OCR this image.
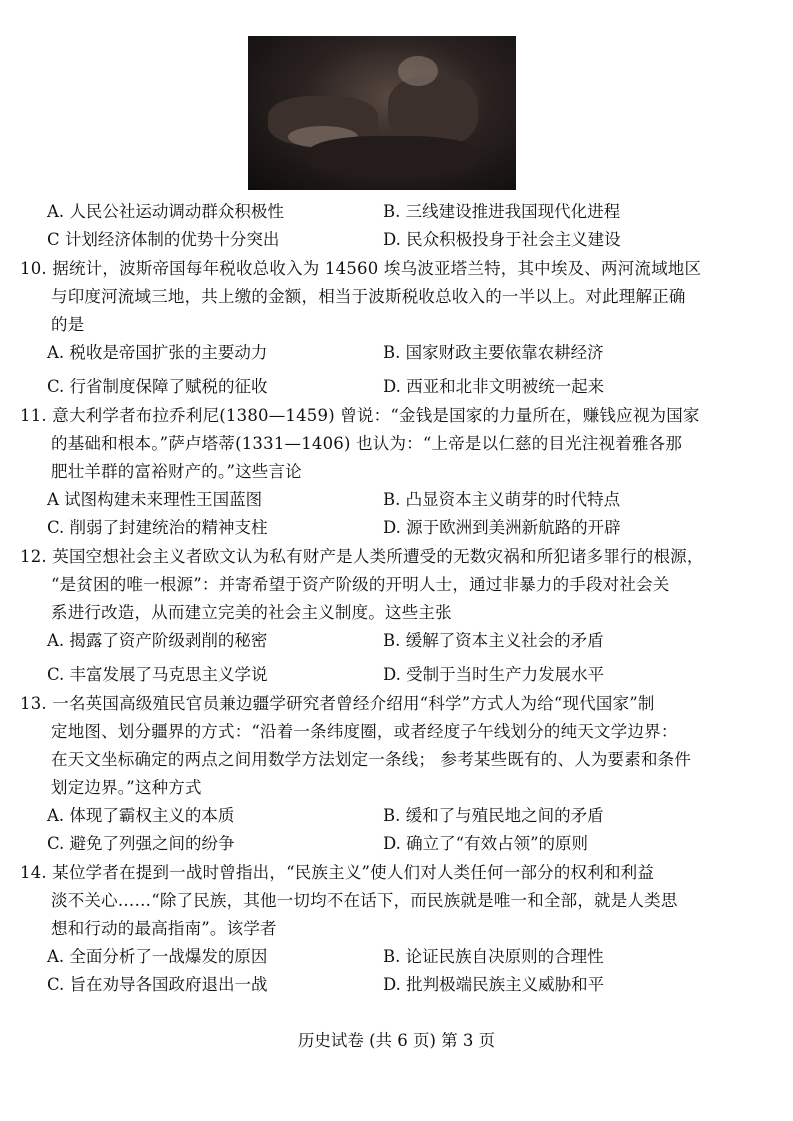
A. 人民公社运动调动群众积极性	B. 三线建设推进我国现代化进程
C 计划经济体制的优势十分突出	D. 民众积极投身于社会主义建设
10. 据统计，波斯帝国每年税收总收入为 14560 埃乌波亚塔兰特，其中埃及、两河流域地区
与印度河流域三地，共上缴的金额，相当于波斯税收总收入的一半以上。对此理解正确
的是
A. 税收是帝国扩张的主要动力	B. 国家财政主要依靠农耕经济
C. 行省制度保障了赋税的征收	D. 西亚和北非文明被统一起来
11. 意大利学者布拉乔利尼(1380—1459) 曾说：“金钱是国家的力量所在，赚钱应视为国家
的基础和根本。”萨卢塔蒂(1331—1406) 也认为：“上帝是以仁慈的目光注视着雅各那
肥壮羊群的富裕财产的。”这些言论
A 试图构建未来理性王国蓝图	B. 凸显资本主义萌芽的时代特点
C. 削弱了封建统治的精神支柱	D. 源于欧洲到美洲新航路的开辟
12. 英国空想社会主义者欧文认为私有财产是人类所遭受的无数灾祸和所犯诸多罪行的根源，
“是贫困的唯一根源”：并寄希望于资产阶级的开明人士，通过非暴力的手段对社会关
系进行改造，从而建立完美的社会主义制度。这些主张
A. 揭露了资产阶级剥削的秘密	B. 缓解了资本主义社会的矛盾
C. 丰富发展了马克思主义学说	D. 受制于当时生产力发展水平
13. 一名英国高级殖民官员兼边疆学研究者曾经介绍用“科学”方式人为给“现代国家”制
定地图、划分疆界的方式：“沿着一条纬度圈，或者经度子午线划分的纯天文学边界：
在天文坐标确定的两点之间用数学方法划定一条线； 参考某些既有的、人为要素和条件
划定边界。”这种方式
A. 体现了霸权主义的本质	B. 缓和了与殖民地之间的矛盾
C. 避免了列强之间的纷争	D. 确立了“有效占领”的原则
14. 某位学者在提到一战时曾指出，“民族主义”使人们对人类任何一部分的权利和利益
淡不关心……“除了民族，其他一切均不在话下，而民族就是唯一和全部，就是人类思
想和行动的最高指南”。该学者
A. 全面分析了一战爆发的原因	B. 论证民族自决原则的合理性
C. 旨在劝导各国政府退出一战	D. 批判极端民族主义威胁和平
历史试卷 (共 6 页) 第 3 页
